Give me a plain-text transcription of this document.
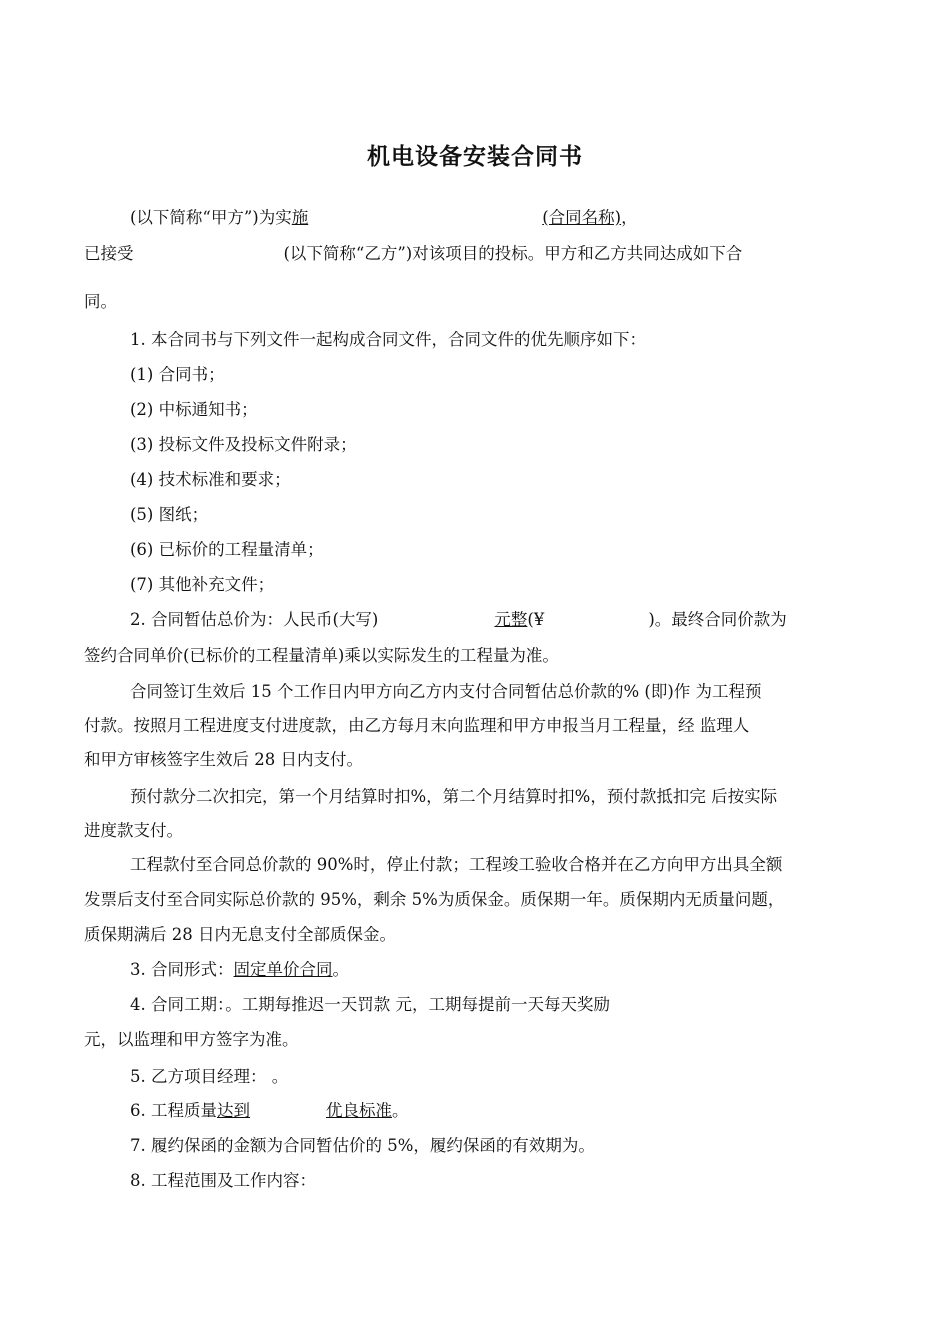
机电设备安装合同书
(以下简称“甲方”)为实施	(合同名称)，
已接受	(以下简称“乙方”)对该项目的投标。甲方和乙方共同达成如下合
同。
1. 本合同书与下列文件一起构成合同文件，合同文件的优先顺序如下：
(1) 合同书；
(2) 中标通知书；
(3) 投标文件及投标文件附录；
(4) 技术标准和要求；
(5) 图纸；
(6) 已标价的工程量清单；
(7) 其他补充文件；
2. 合同暂估总价为：人民币(大写)	元整(¥	)。最终合同价款为
签约合同单价(已标价的工程量清单)乘以实际发生的工程量为准。
合同签订生效后 15 个工作日内甲方向乙方内支付合同暂估总价款的% (即)作 为工程预
付款。按照月工程进度支付进度款，由乙方每月末向监理和甲方申报当月工程量，经 监理人
和甲方审核签字生效后 28 日内支付。
预付款分二次扣完，第一个月结算时扣%，第二个月结算时扣%，预付款抵扣完 后按实际
进度款支付。
工程款付至合同总价款的 90%时，停止付款；工程竣工验收合格并在乙方向甲方出具全额
发票后支付至合同实际总价款的 95%，剩余 5%为质保金。质保期一年。质保期内无质量问题，
质保期满后 28 日内无息支付全部质保金。
3. 合同形式：固定单价合同。
4. 合同工期：。工期每推迟一天罚款 元，工期每提前一天每天奖励
元，以监理和甲方签字为准。
5. 乙方项目经理： 。
6. 工程质量达到	优良标准。
7. 履约保函的金额为合同暂估价的 5%，履约保函的有效期为。
8. 工程范围及工作内容：
